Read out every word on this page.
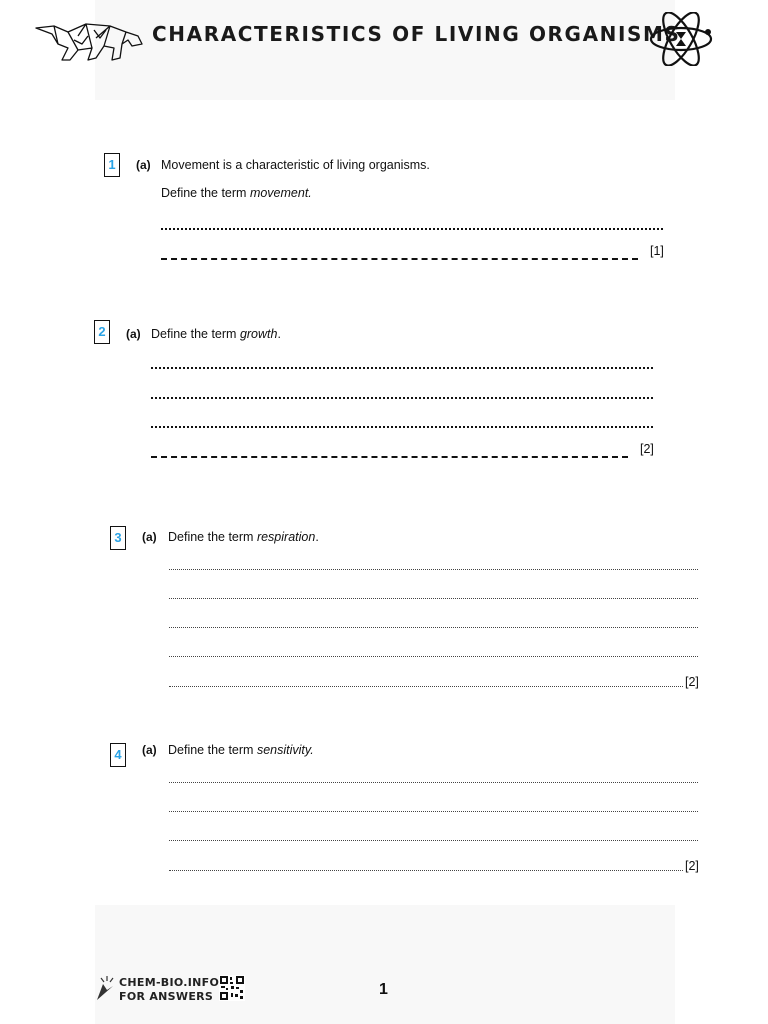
CHARACTERISTICS OF LIVING ORGANISMS
1	(a) Movement is a characteristic of living organisms.
Define the term movement.
[1]
2	(a) Define the term growth.
[2]
3	(a) Define the term respiration.
[2]
4	(a) Define the term sensitivity.
[2]
CHEM-BIO.INFO
FOR ANSWERS	1
